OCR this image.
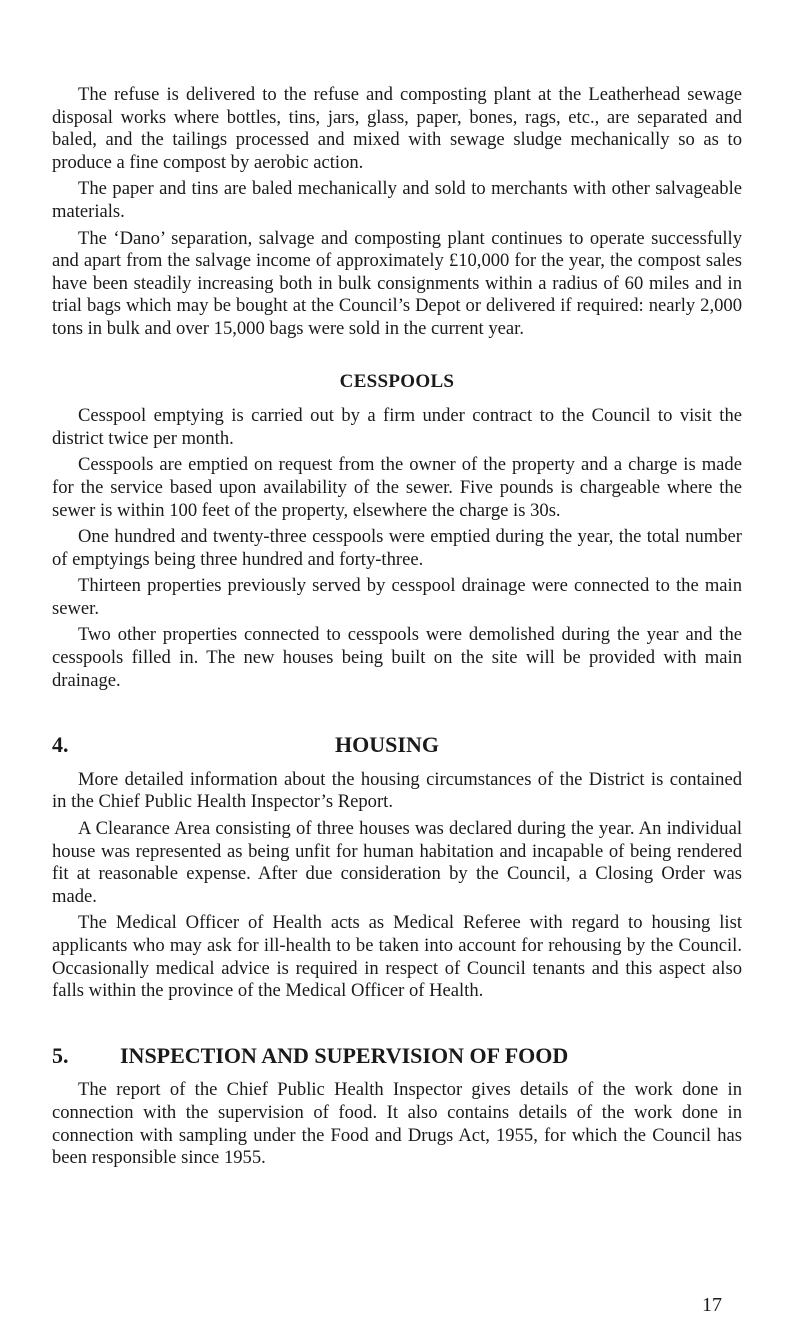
The refuse is delivered to the refuse and composting plant at the Leatherhead sewage disposal works where bottles, tins, jars, glass, paper, bones, rags, etc., are separated and baled, and the tailings processed and mixed with sewage sludge mechanically so as to produce a fine compost by aerobic action.

The paper and tins are baled mechanically and sold to merchants with other salvageable materials.

The ‘Dano’ separation, salvage and composting plant continues to operate successfully and apart from the salvage income of approximately £10,000 for the year, the compost sales have been steadily increasing both in bulk consignments within a radius of 60 miles and in trial bags which may be bought at the Council’s Depot or delivered if required: nearly 2,000 tons in bulk and over 15,000 bags were sold in the current year.

CESSPOOLS

Cesspool emptying is carried out by a firm under contract to the Council to visit the district twice per month.

Cesspools are emptied on request from the owner of the property and a charge is made for the service based upon availability of the sewer. Five pounds is chargeable where the sewer is within 100 feet of the property, elsewhere the charge is 30s.

One hundred and twenty-three cesspools were emptied during the year, the total number of emptyings being three hundred and forty-three.

Thirteen properties previously served by cesspool drainage were connected to the main sewer.

Two other properties connected to cesspools were demolished during the year and the cesspools filled in. The new houses being built on the site will be provided with main drainage.

4.	HOUSING

More detailed information about the housing circumstances of the District is contained in the Chief Public Health Inspector’s Report.

A Clearance Area consisting of three houses was declared during the year. An individual house was represented as being unfit for human habitation and incapable of being rendered fit at reasonable expense. After due consideration by the Council, a Closing Order was made.

The Medical Officer of Health acts as Medical Referee with regard to housing list applicants who may ask for ill-health to be taken into account for rehousing by the Council. Occasionally medical advice is required in respect of Council tenants and this aspect also falls within the province of the Medical Officer of Health.

5.	INSPECTION AND SUPERVISION OF FOOD

The report of the Chief Public Health Inspector gives details of the work done in connection with the supervision of food. It also contains details of the work done in connection with sampling under the Food and Drugs Act, 1955, for which the Council has been responsible since 1955.

17
